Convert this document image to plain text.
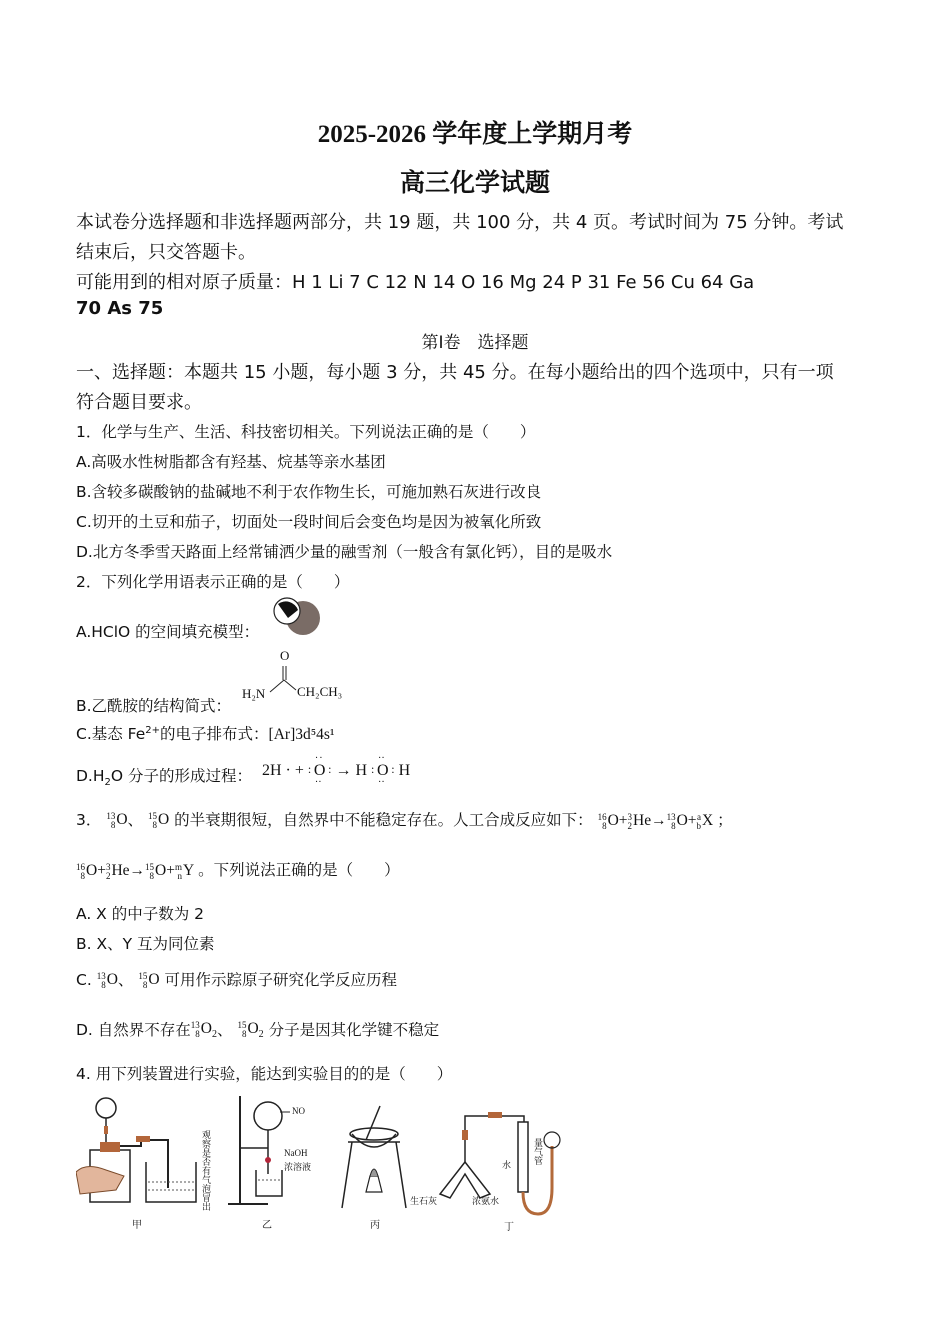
2025-2026 学年度上学期月考
高三化学试题
本试卷分选择题和非选择题两部分，共 19 题，共 100 分，共 4 页。考试时间为 75 分钟。考试
结束后，只交答题卡。
可能用到的相对原子质量：H 1 Li 7 C 12 N 14 O 16 Mg 24 P 31 Fe 56 Cu 64 Ga
70 As 75
第Ⅰ卷　选择题
一、选择题：本题共 15 小题，每小题 3 分，共 45 分。在每小题给出的四个选项中，只有一项
符合题目要求。
1．化学与生产、生活、科技密切相关。下列说法正确的是（　　）
A.高吸水性树脂都含有羟基、烷基等亲水基团
B.含较多碳酸钠的盐碱地不利于农作物生长，可施加熟石灰进行改良
C.切开的土豆和茄子，切面处一段时间后会变色均是因为被氧化所致
D.北方冬季雪天路面上经常铺洒少量的融雪剂（一般含有氯化钙），目的是吸水
2．下列化学用语表示正确的是（　　）
A.HClO 的空间填充模型：
B.乙酰胺的结构简式：
O
H₂N CH₂CH₃
C.基态 $Fe^{2+}$的电子排布式：[Ar]3d⁵4s¹
$D.H_2O$ 分子的形成过程： 2H · +
··
: O :
··
→ H
··
: O :
··
H
3． 13
8 O、 15
8 O 的半衰期很短，自然界中不能稳定存在。人工合成反应如下： 16
8 O+ 3
2 He→ 13
8 O+ a
b X ；
16
8 O+ 3
2 He→ 15
8 O+ m
n Y 。下列说法正确的是（　　）
A. X 的中子数为 2
B. X、Y 互为同位素
C. 13
8 O、 15
8 O 可用作示踪原子研究化学反应历程
D. 自然界不存在 13
8 $O_2$、 15
8 $O_2$ 分子是因其化学键不稳定
4. 用下列装置进行实验，能达到实验目的的是（　　）
观察是否有气泡冒出
甲
NO
NaOH
浓溶液
乙	丙
生石灰	浓氨水
水
量气管
丁
